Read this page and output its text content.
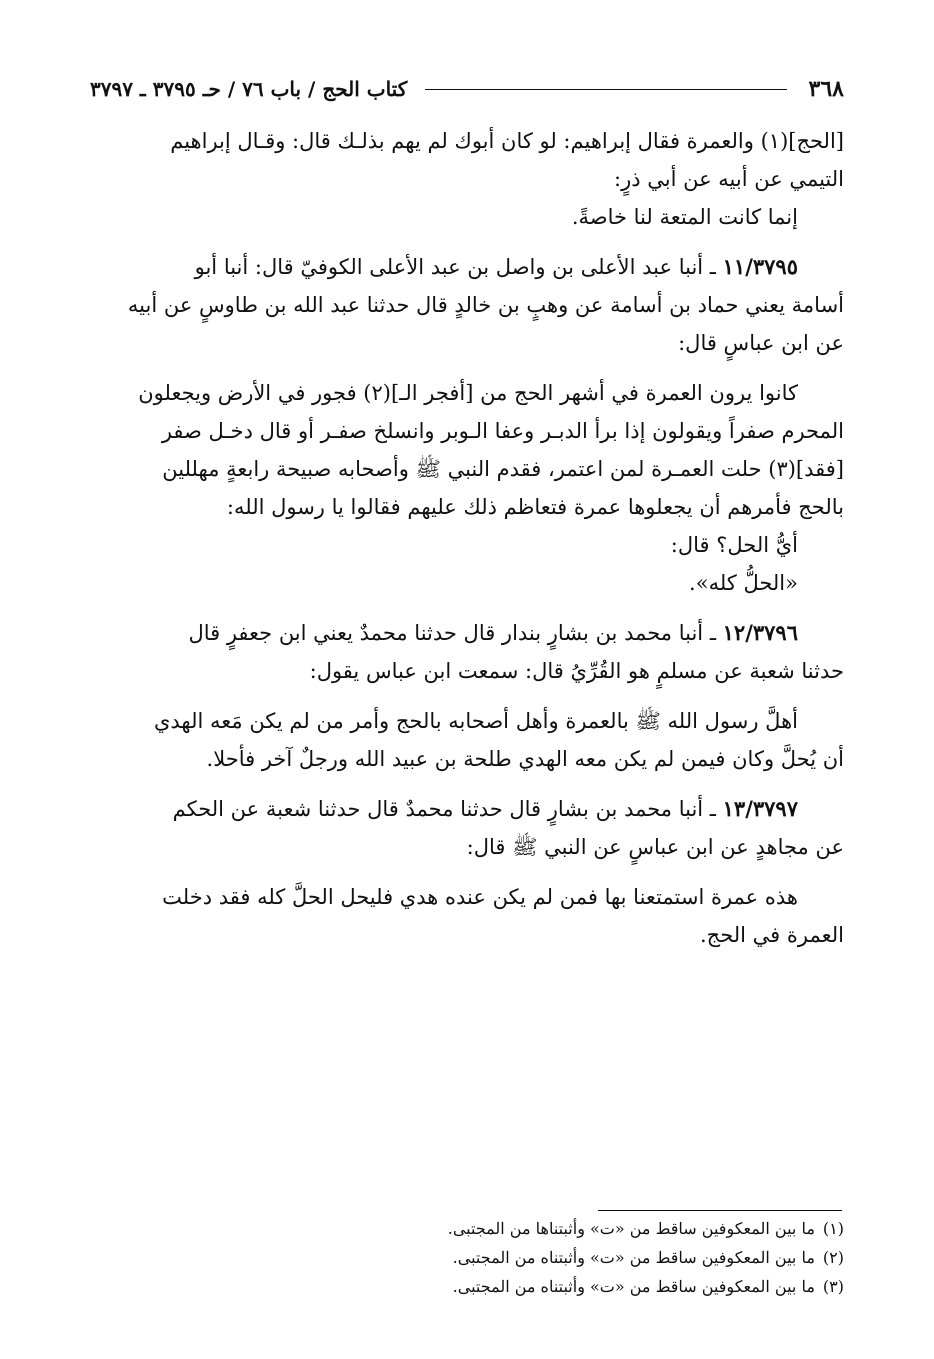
٣٦٨
كتاب الحج / باب ٧٦ / حـ ٣٧٩٥ ـ ٣٧٩٧
[الحج](١) والعمرة فقال إبراهيم: لو كان أبوك لم يهم بذلـك قال: وقـال إبراهيم
التيمي عن أبيه عن أبي ذرٍ:
إنما كانت المتعة لنا خاصةً.
١١/٣٧٩٥ ـ أنبا عبد الأعلى بن واصل بن عبد الأعلى الكوفيّ قال: أنبا أبو
أسامة يعني حماد بن أسامة عن وهبٍ بن خالدٍ قال حدثنا عبد الله بن طاوسٍ عن أبيه
عن ابن عباسٍ قال:
كانوا يرون العمرة في أشهر الحج من [أفجر الـ](٢) فجور في الأرض ويجعلون
المحرم صفراً ويقولون إذا برأ الدبـر وعفا الـوبر وانسلخ صفـر أو قال دخـل صفر
[فقد](٣) حلت العمـرة لمن اعتمر، فقدم النبي ﷺ وأصحابه صبيحة رابعةٍ مهللين
بالحج فأمرهم أن يجعلوها عمرة فتعاظم ذلك عليهم فقالوا يا رسول الله:
أيُّ الحل؟ قال:
«الحلُّ كله».
١٢/٣٧٩٦ ـ أنبا محمد بن بشارٍ بندار قال حدثنا محمدٌ يعني ابن جعفرٍ قال
حدثنا شعبة عن مسلمٍ هو القُرِّيُ قال: سمعت ابن عباس يقول:
أهلَّ رسول الله ﷺ بالعمرة وأهل أصحابه بالحج وأمر من لم يكن مَعه الهدي
أن يُحلَّ وكان فيمن لم يكن معه الهدي طلحة بن عبيد الله ورجلٌ آخر فأحلا.
١٣/٣٧٩٧ ـ أنبا محمد بن بشارٍ قال حدثنا محمدٌ قال حدثنا شعبة عن الحكم
عن مجاهدٍ عن ابن عباسٍ عن النبي ﷺ قال:
هذه عمرة استمتعنا بها فمن لم يكن عنده هدي فليحل الحلَّ كله فقد دخلت
العمرة في الحج.
(١)ما بين المعكوفين ساقط من «ت» وأثبتناها من المجتبى.
(٢)ما بين المعكوفين ساقط من «ت» وأثبتناه من المجتبى.
(٣)ما بين المعكوفين ساقط من «ت» وأثبتناه من المجتبى.
